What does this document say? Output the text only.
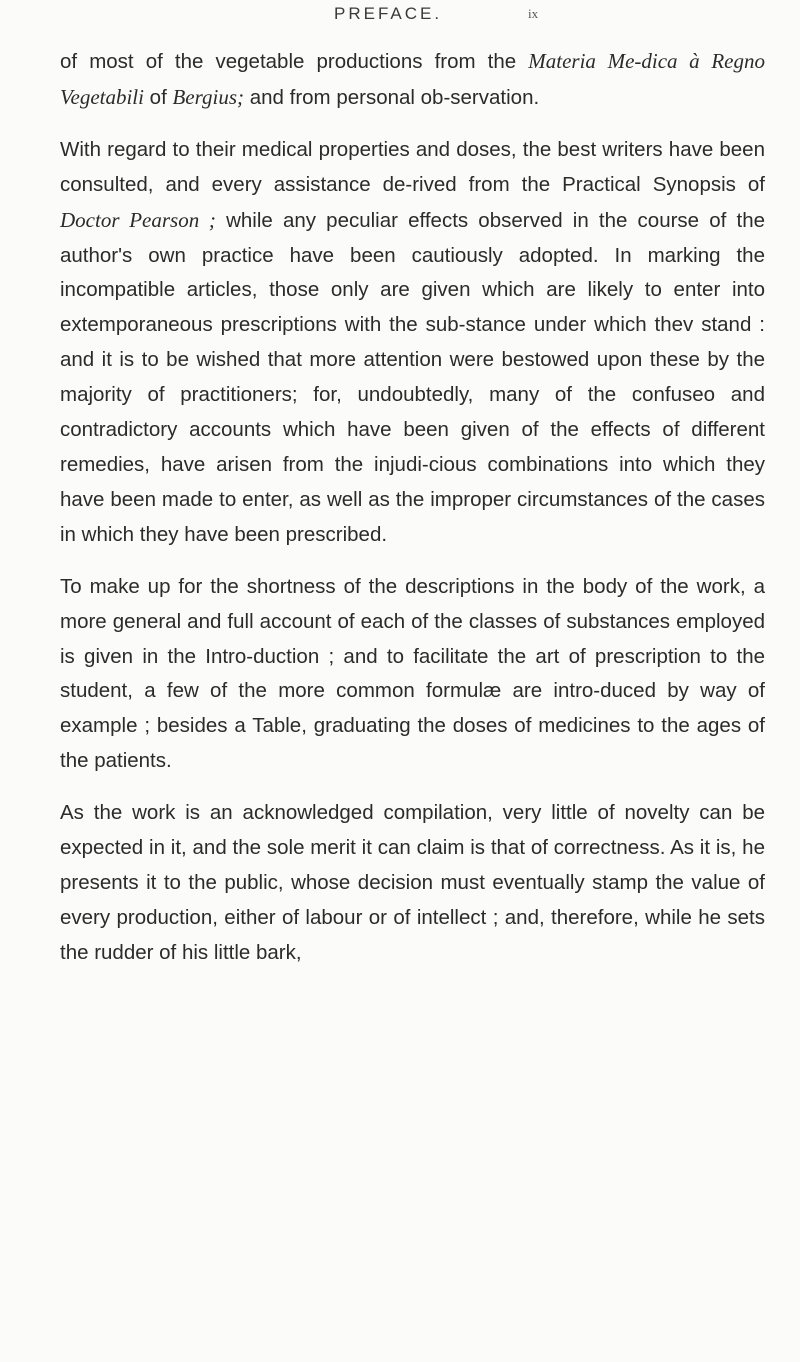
PREFACE.	ix

of most of the vegetable productions from the Materia Me-dica à Regno Vegetabili of Bergius; and from personal ob-servation.

With regard to their medical properties and doses, the best writers have been consulted, and every assistance de-rived from the Practical Synopsis of Doctor Pearson ; while any peculiar effects observed in the course of the author's own practice have been cautiously adopted. In marking the incompatible articles, those only are given which are likely to enter into extemporaneous prescriptions with the sub-stance under which thev stand : and it is to be wished that more attention were bestowed upon these by the majority of practitioners; for, undoubtedly, many of the confuseo and contradictory accounts which have been given of the effects of different remedies, have arisen from the injudi-cious combinations into which they have been made to enter, as well as the improper circumstances of the cases in which they have been prescribed.

To make up for the shortness of the descriptions in the body of the work, a more general and full account of each of the classes of substances employed is given in the Intro-duction ; and to facilitate the art of prescription to the student, a few of the more common formulæ are intro-duced by way of example ; besides a Table, graduating the doses of medicines to the ages of the patients.

As the work is an acknowledged compilation, very little of novelty can be expected in it, and the sole merit it can claim is that of correctness. As it is, he presents it to the public, whose decision must eventually stamp the value of every production, either of labour or of intellect ; and, therefore, while he sets the rudder of his little bark,
